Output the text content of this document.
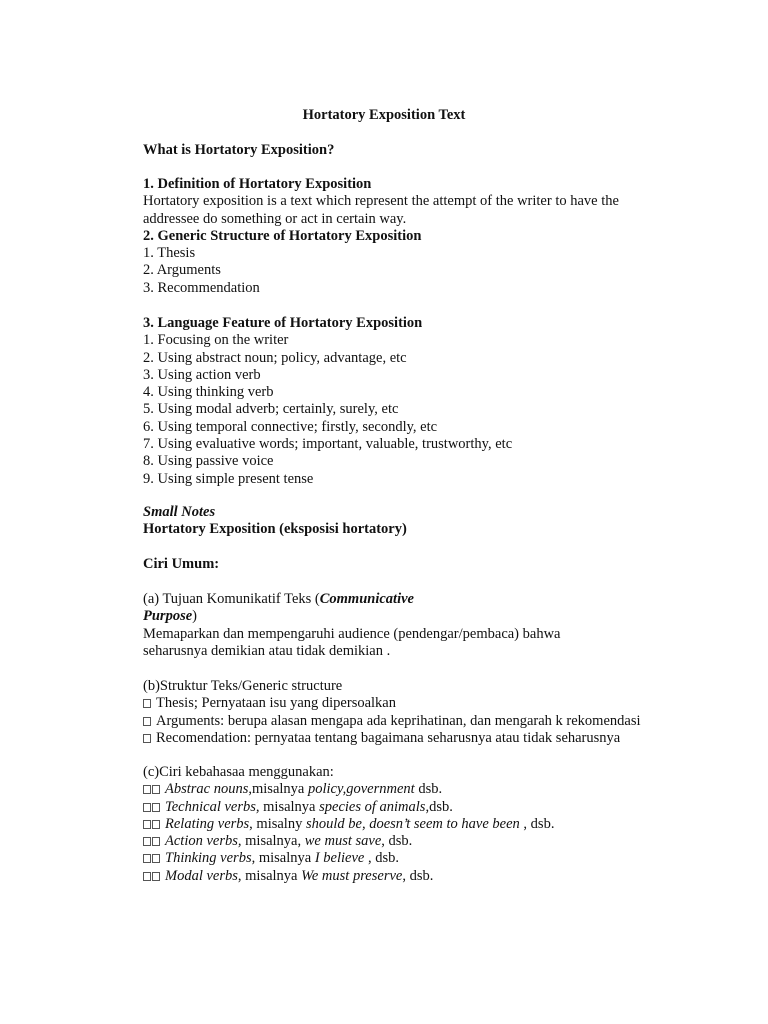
Hortatory Exposition Text
What is Hortatory Exposition?
1. Definition of Hortatory Exposition
Hortatory exposition is a text which represent the attempt of the writer to have the
addressee do something or act in certain way.
2. Generic Structure of Hortatory Exposition
1. Thesis
2. Arguments
3. Recommendation
3. Language Feature of Hortatory Exposition
1. Focusing on the writer
2. Using abstract noun; policy, advantage, etc
3. Using action verb
4. Using thinking verb
5. Using modal adverb; certainly, surely, etc
6. Using temporal connective; firstly, secondly, etc
7. Using evaluative words; important, valuable, trustworthy, etc
8. Using passive voice
9. Using simple present tense
Small Notes
Hortatory Exposition (eksposisi hortatory)
Ciri Umum:
(a) Tujuan Komunikatif Teks (Communicative
Purpose)
Memaparkan dan mempengaruhi audience (pendengar/pembaca) bahwa
seharusnya demikian atau tidak demikian .
(b)Struktur Teks/Generic structure
Thesis; Pernyataan isu yang dipersoalkan
Arguments: berupa alasan mengapa ada keprihatinan, dan mengarah k rekomendasi
Recomendation: pernyataa tentang bagaimana seharusnya atau tidak seharusnya
(c)Ciri kebahasaa menggunakan:
Abstrac nouns,misalnya policy,government dsb.
Technical verbs, misalnya species of animals,dsb.
Relating verbs, misalny should be, doesn’t seem to have been , dsb.
Action verbs, misalnya, we must save, dsb.
Thinking verbs, misalnya I believe , dsb.
Modal verbs, misalnya We must preserve, dsb.
